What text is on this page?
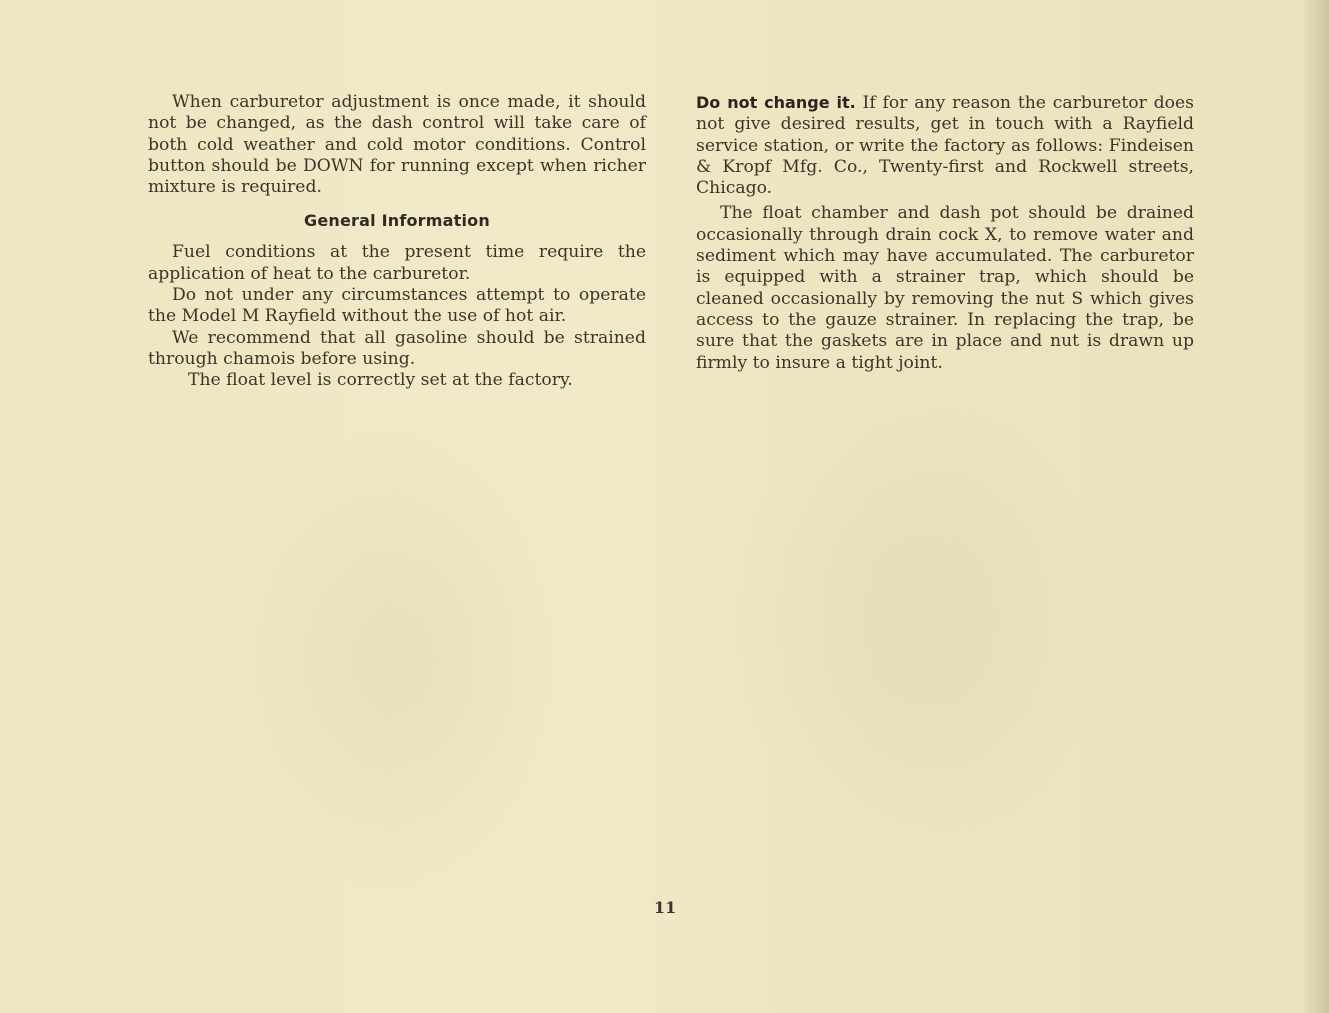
When carburetor adjustment is once made, it should not be changed, as the dash control will take care of both cold weather and cold motor conditions. Control button should be DOWN for running except when richer mixture is required.

General Information

Fuel conditions at the present time require the application of heat to the carburetor.

Do not under any circumstances attempt to operate the Model M Rayfield without the use of hot air.

We recommend that all gasoline should be strained through chamois before using.

The float level is correctly set at the factory.

Do not change it. If for any reason the carburetor does not give desired results, get in touch with a Rayfield service station, or write the factory as follows: Findeisen & Kropf Mfg. Co., Twenty-first and Rockwell streets, Chicago.

The float chamber and dash pot should be drained occasionally through drain cock X, to remove water and sediment which may have accumulated. The carburetor is equipped with a strainer trap, which should be cleaned occasionally by removing the nut S which gives access to the gauze strainer. In replacing the trap, be sure that the gaskets are in place and nut is drawn up firmly to insure a tight joint.

11
